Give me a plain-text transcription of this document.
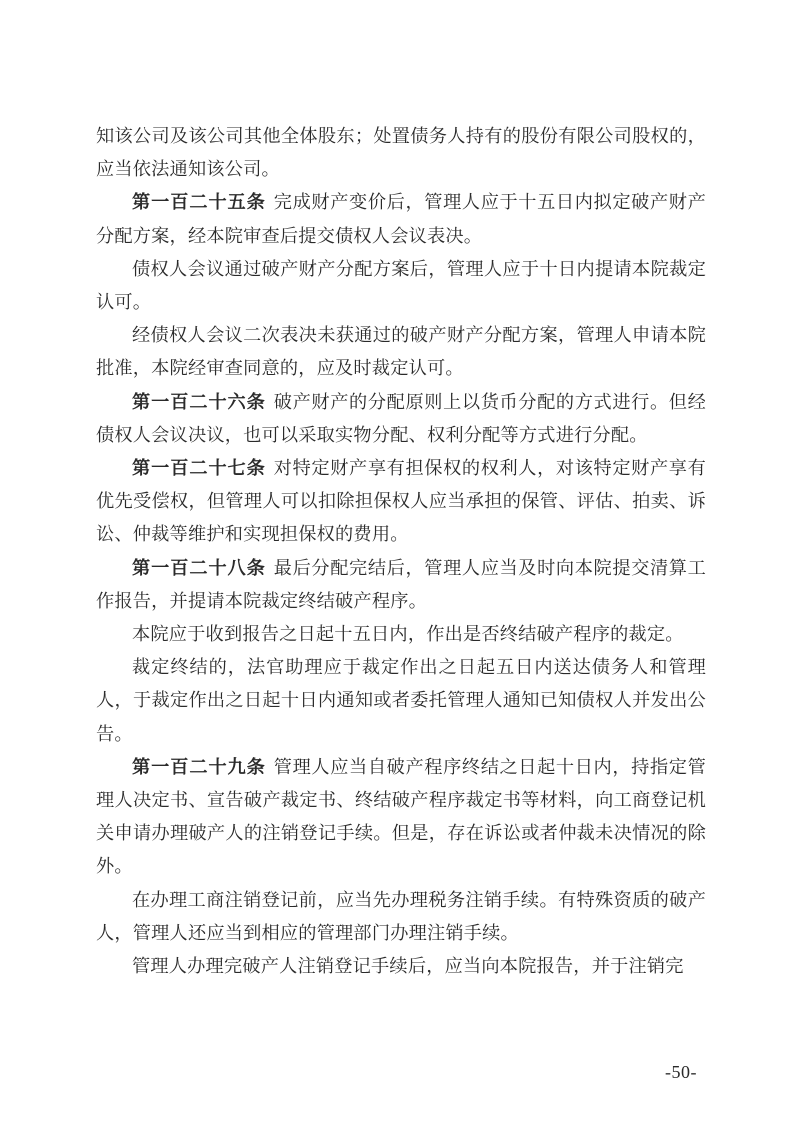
知该公司及该公司其他全体股东；处置债务人持有的股份有限公司股权的，应当依法通知该公司。

第一百二十五条 完成财产变价后，管理人应于十五日内拟定破产财产分配方案，经本院审查后提交债权人会议表决。

债权人会议通过破产财产分配方案后，管理人应于十日内提请本院裁定认可。

经债权人会议二次表决未获通过的破产财产分配方案，管理人申请本院批准，本院经审查同意的，应及时裁定认可。

第一百二十六条 破产财产的分配原则上以货币分配的方式进行。但经债权人会议决议，也可以采取实物分配、权利分配等方式进行分配。

第一百二十七条 对特定财产享有担保权的权利人，对该特定财产享有优先受偿权，但管理人可以扣除担保权人应当承担的保管、评估、拍卖、诉讼、仲裁等维护和实现担保权的费用。

第一百二十八条 最后分配完结后，管理人应当及时向本院提交清算工作报告，并提请本院裁定终结破产程序。

本院应于收到报告之日起十五日内，作出是否终结破产程序的裁定。

裁定终结的，法官助理应于裁定作出之日起五日内送达债务人和管理人，于裁定作出之日起十日内通知或者委托管理人通知已知债权人并发出公告。

第一百二十九条 管理人应当自破产程序终结之日起十日内，持指定管理人决定书、宣告破产裁定书、终结破产程序裁定书等材料，向工商登记机关申请办理破产人的注销登记手续。但是，存在诉讼或者仲裁未决情况的除外。

在办理工商注销登记前，应当先办理税务注销手续。有特殊资质的破产人，管理人还应当到相应的管理部门办理注销手续。

管理人办理完破产人注销登记手续后，应当向本院报告，并于注销完

-50-
